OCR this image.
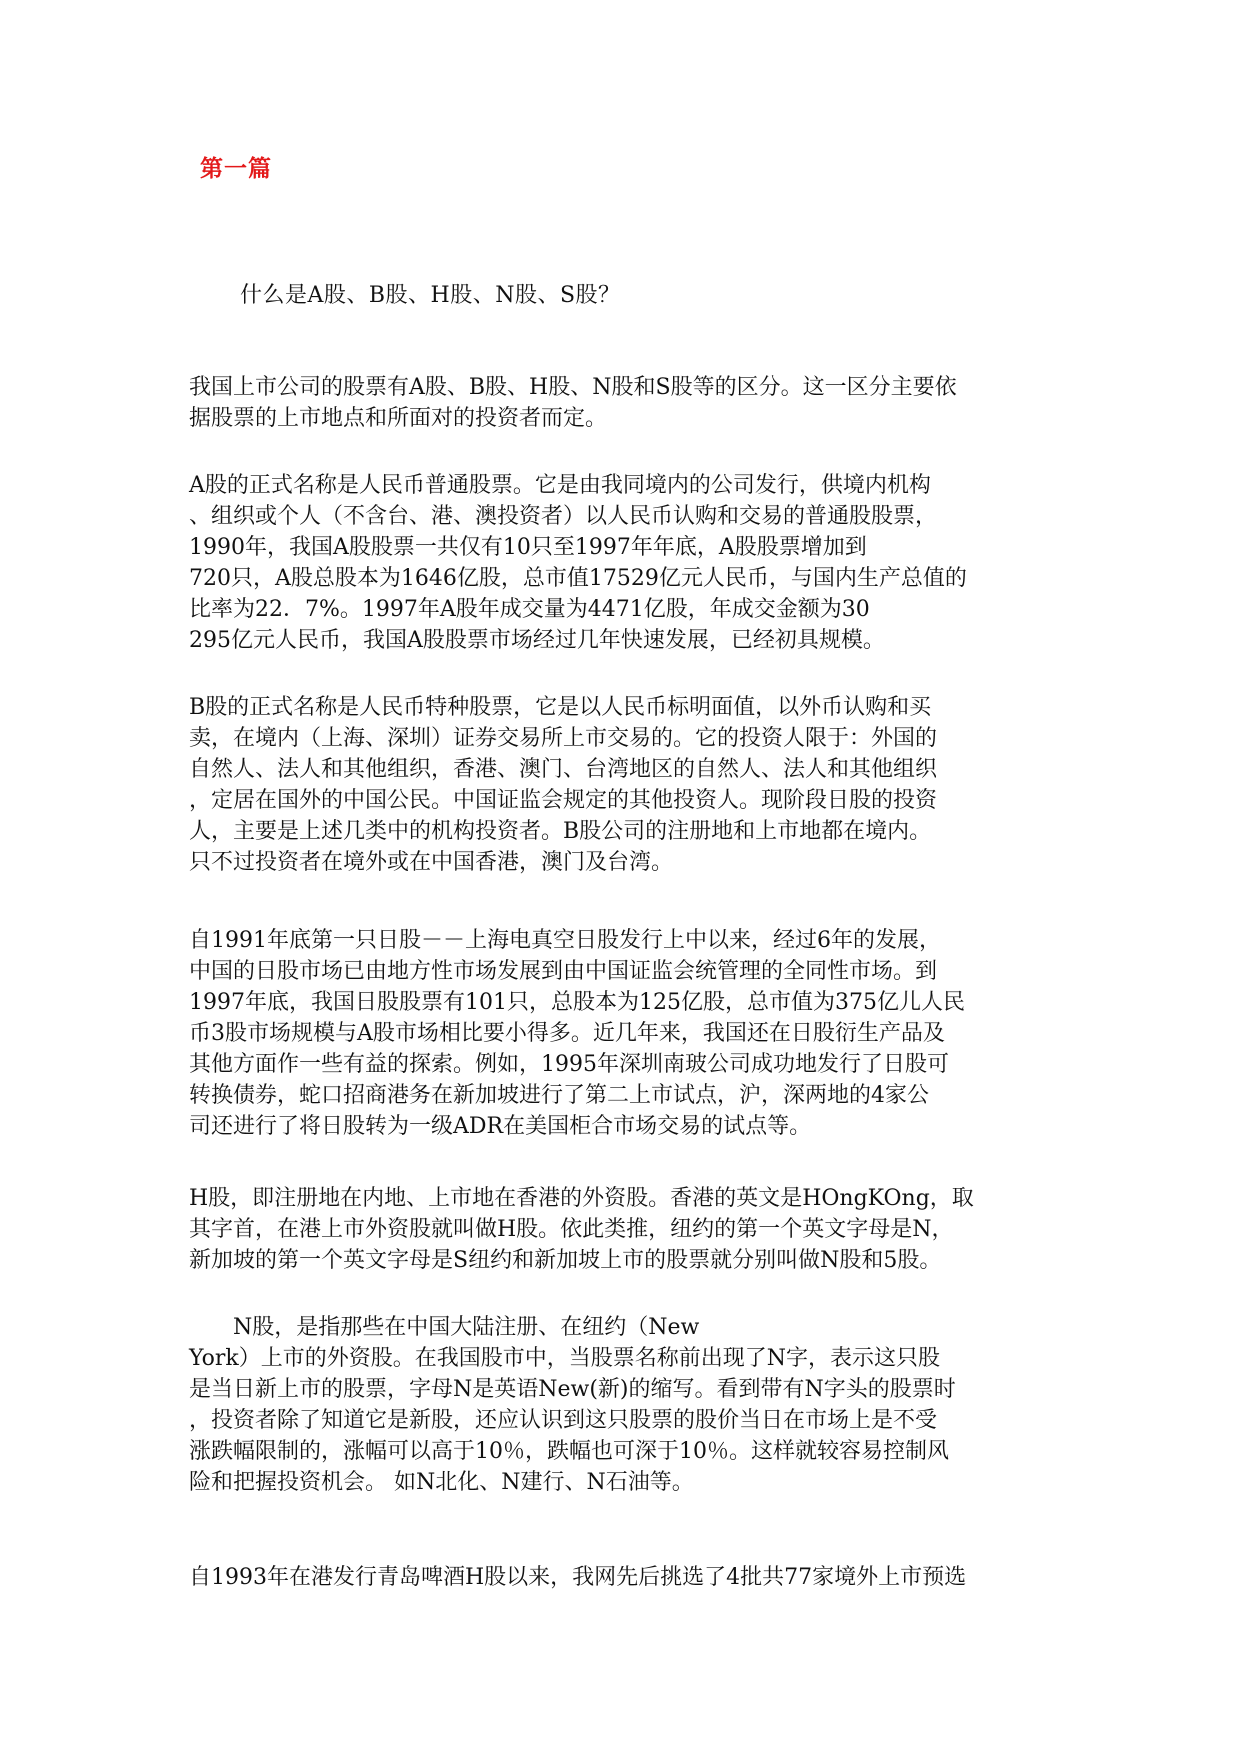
第一篇
什么是A股、B股、H股、N股、S股？
我国上市公司的股票有A股、B股、H股、N股和S股等的区分。这一区分主要依
据股票的上市地点和所面对的投资者而定。
A股的正式名称是人民币普通股票。它是由我同境内的公司发行，供境内机构
、组织或个人（不含台、港、澳投资者）以人民币认购和交易的普通股股票，
1990年，我国A股股票一共仅有10只至1997年年底，A股股票增加到
720只，A股总股本为1646亿股，总市值17529亿元人民币，与国内生产总值的
比率为22．7%。1997年A股年成交量为4471亿股，年成交金额为30
295亿元人民币，我国A股股票市场经过几年快速发展，已经初具规模。
B股的正式名称是人民币特种股票，它是以人民币标明面值，以外币认购和买
卖，在境内（上海、深圳）证券交易所上市交易的。它的投资人限于：外国的
自然人、法人和其他组织，香港、澳门、台湾地区的自然人、法人和其他组织
，定居在国外的中国公民。中国证监会规定的其他投资人。现阶段日股的投资
人，主要是上述几类中的机构投资者。B股公司的注册地和上市地都在境内。
只不过投资者在境外或在中国香港，澳门及台湾。
自1991年底第一只日股－－上海电真空日股发行上中以来，经过6年的发展，
中国的日股市场已由地方性市场发展到由中国证监会统管理的全同性市场。到
1997年底，我国日股股票有101只，总股本为125亿股，总市值为375亿儿人民
币3股市场规模与A股市场相比要小得多。近几年来，我国还在日股衍生产品及
其他方面作一些有益的探索。例如，1995年深圳南玻公司成功地发行了日股可
转换债券，蛇口招商港务在新加坡进行了第二上市试点，沪，深两地的4家公
司还进行了将日股转为一级ADR在美国柜合市场交易的试点等。
H股，即注册地在内地、上市地在香港的外资股。香港的英文是HOngKOng，取
其字首，在港上市外资股就叫做H股。依此类推，纽约的第一个英文字母是N，
新加坡的第一个英文字母是S纽约和新加坡上市的股票就分别叫做N股和5股。
　　N股，是指那些在中国大陆注册、在纽约（New
York）上市的外资股。在我国股市中，当股票名称前出现了N字，表示这只股
是当日新上市的股票，字母N是英语New(新)的缩写。看到带有N字头的股票时
，投资者除了知道它是新股，还应认识到这只股票的股价当日在市场上是不受
涨跌幅限制的，涨幅可以高于10％，跌幅也可深于10％。这样就较容易控制风
险和把握投资机会。 如N北化、N建行、N石油等。
自1993年在港发行青岛啤酒H股以来，我网先后挑选了4批共77家境外上市预选
